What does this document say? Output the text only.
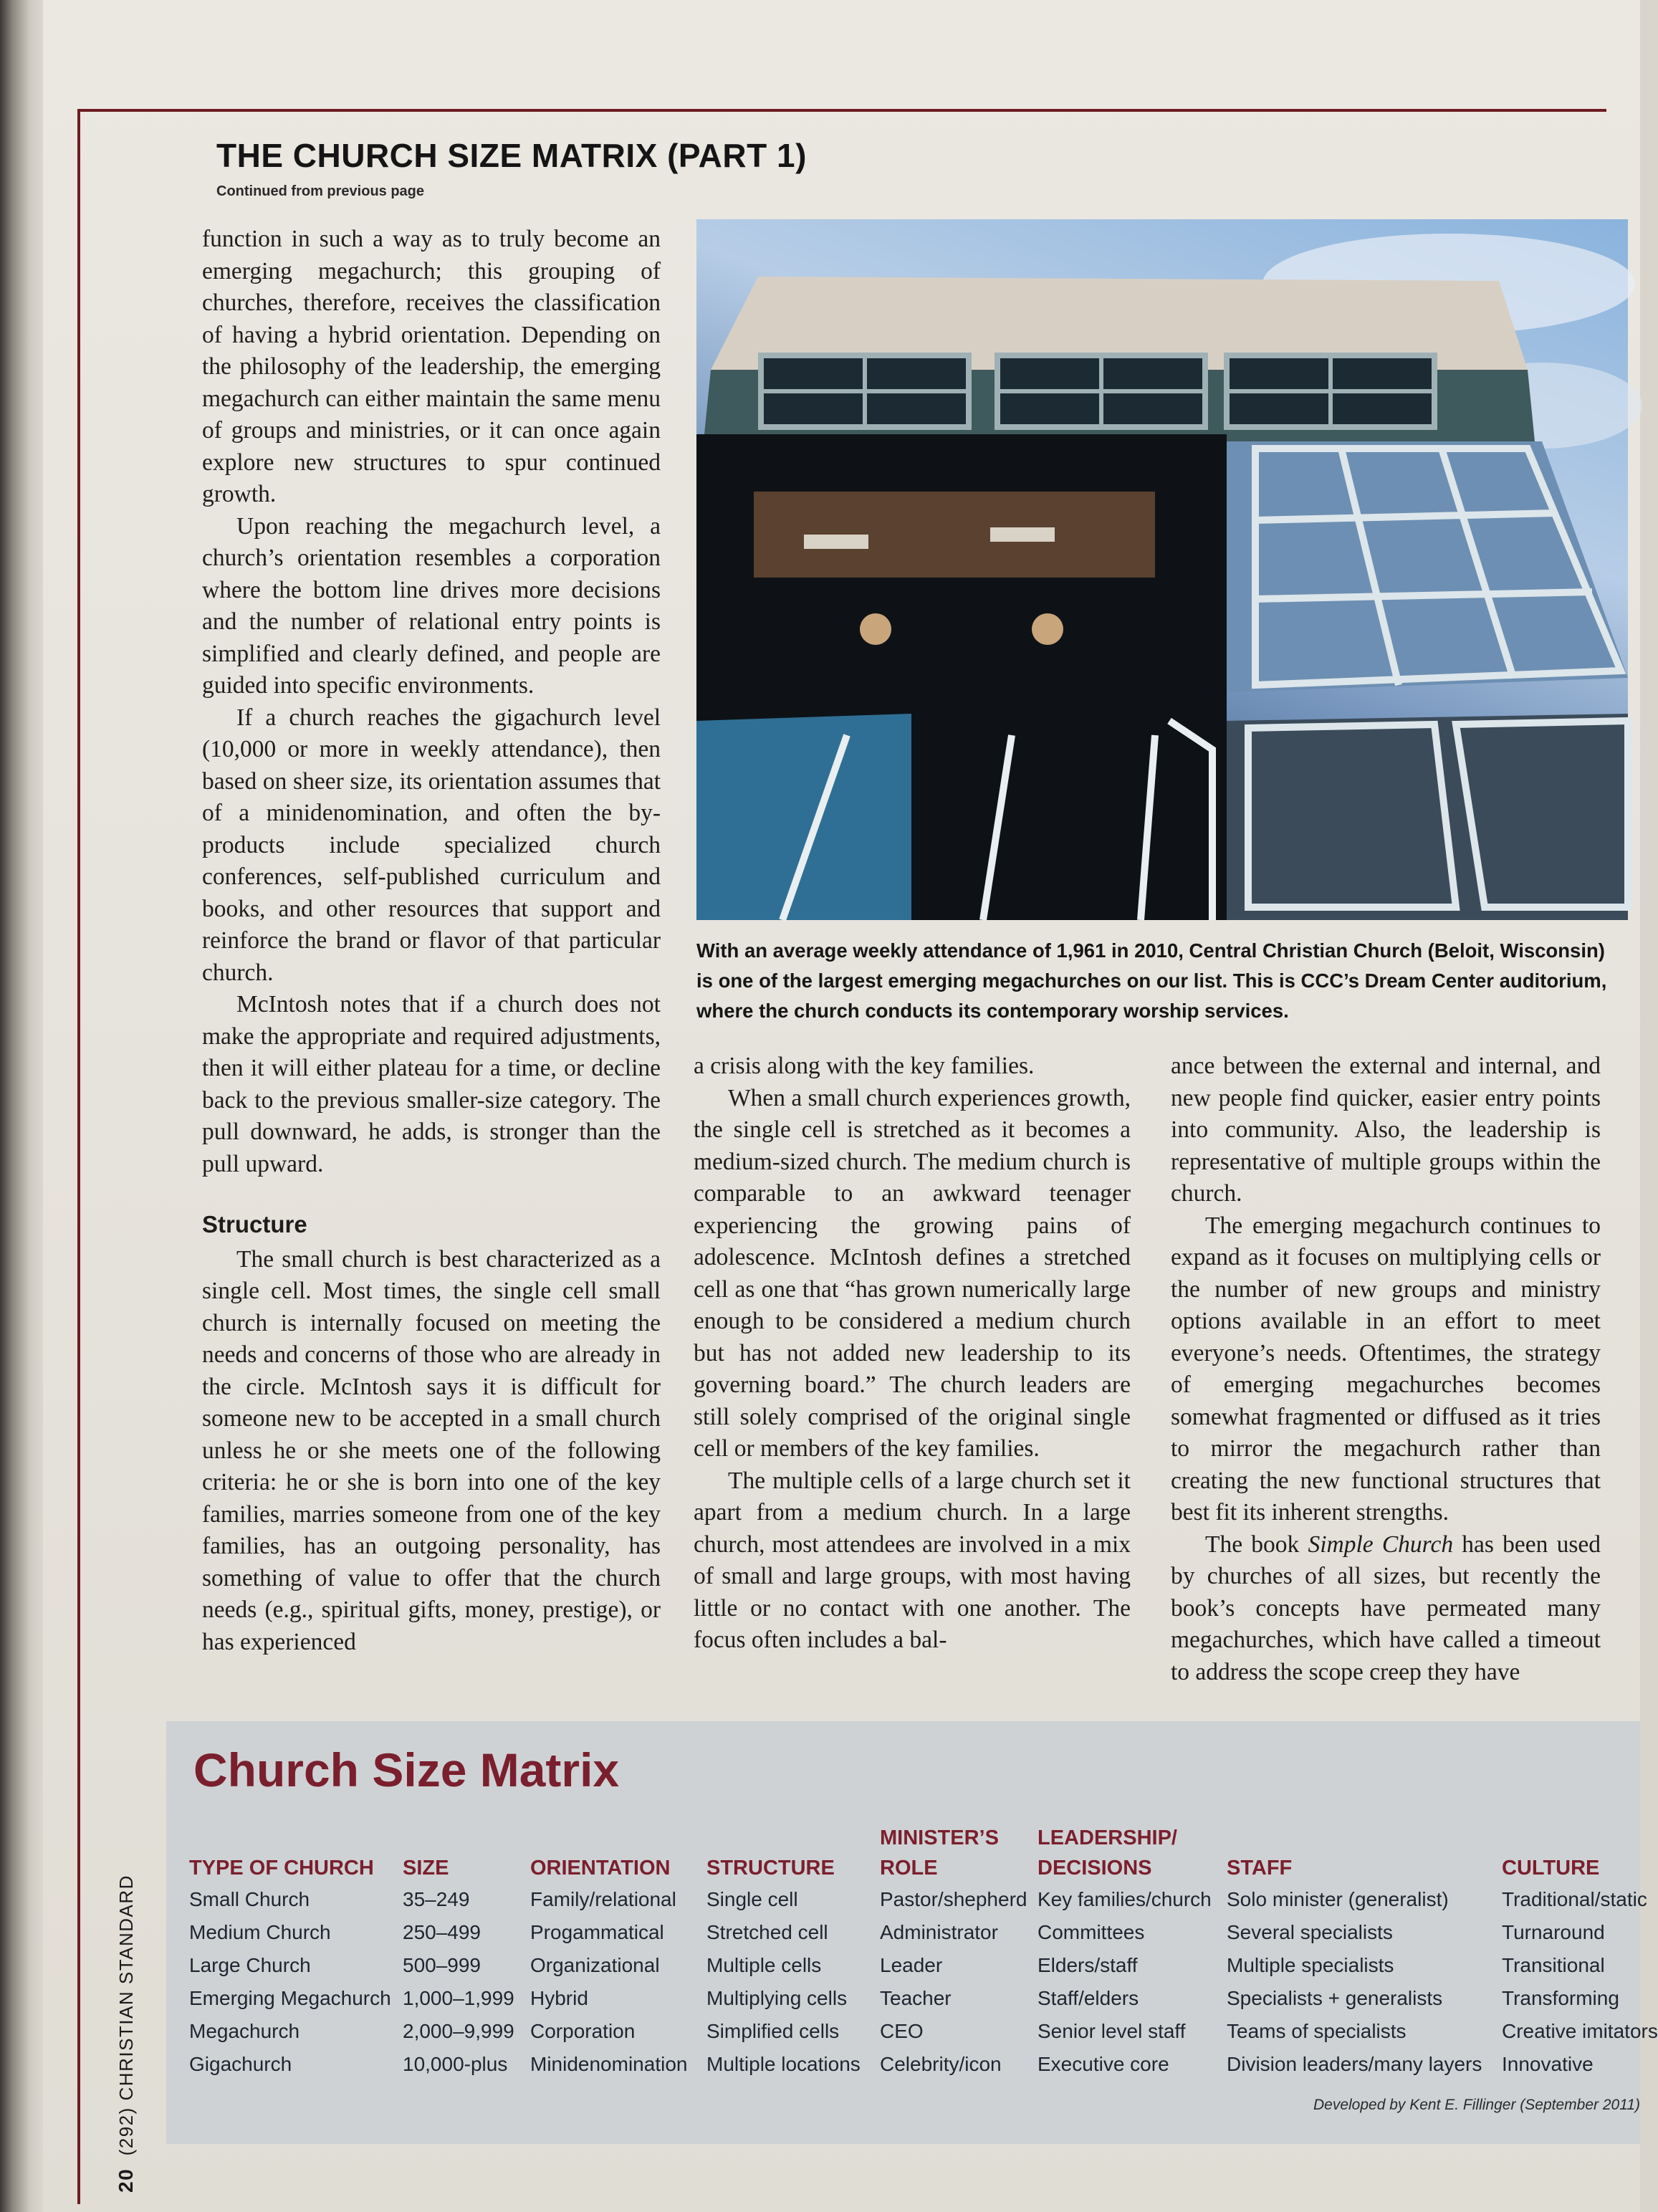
THE CHURCH SIZE MATRIX (PART 1)
Continued from previous page

function in such a way as to truly become an emerging megachurch; this grouping of churches, therefore, receives the classification of having a hybrid orientation. Depending on the philosophy of the leadership, the emerging megachurch can either maintain the same menu of groups and ministries, or it can once again explore new structures to spur continued growth.

Upon reaching the megachurch level, a church’s orientation resembles a corporation where the bottom line drives more decisions and the number of relational entry points is simplified and clearly defined, and people are guided into specific environments.

If a church reaches the gigachurch level (10,000 or more in weekly attendance), then based on sheer size, its orientation assumes that of a minidenomination, and often the by-products include specialized church conferences, self-published curriculum and books, and other resources that support and reinforce the brand or flavor of that particular church.

McIntosh notes that if a church does not make the appropriate and required adjustments, then it will either plateau for a time, or decline back to the previous smaller-size category. The pull downward, he adds, is stronger than the pull upward.

Structure

The small church is best characterized as a single cell. Most times, the single cell small church is internally focused on meeting the needs and concerns of those who are already in the circle. McIntosh says it is difficult for someone new to be accepted in a small church unless he or she meets one of the following criteria: he or she is born into one of the key families, marries someone from one of the key families, has an outgoing personality, has something of value to offer that the church needs (e.g., spiritual gifts, money, prestige), or has experienced

With an average weekly attendance of 1,961 in 2010, Central Christian Church (Beloit, Wisconsin) is one of the largest emerging megachurches on our list. This is CCC’s Dream Center auditorium, where the church conducts its contemporary worship services.

a crisis along with the key families.

When a small church experiences growth, the single cell is stretched as it becomes a medium-sized church. The medium church is comparable to an awkward teenager experiencing the growing pains of adolescence. McIntosh defines a stretched cell as one that “has grown numerically large enough to be considered a medium church but has not added new leadership to its governing board.” The church leaders are still solely comprised of the original single cell or members of the key families.

The multiple cells of a large church set it apart from a medium church. In a large church, most attendees are involved in a mix of small and large groups, with most having little or no contact with one another. The focus often includes a bal-

ance between the external and internal, and new people find quicker, easier entry points into community. Also, the leadership is representative of multiple groups within the church.

The emerging megachurch continues to expand as it focuses on multiplying cells or the number of new groups and ministry options available in an effort to meet everyone’s needs. Oftentimes, the strategy of emerging megachurches becomes somewhat fragmented or diffused as it tries to mirror the megachurch rather than creating the new functional structures that best fit its inherent strengths.

The book Simple Church has been used by churches of all sizes, but recently the book’s concepts have permeated many megachurches, which have called a timeout to address the scope creep they have

Church Size Matrix
TYPE OF CHURCH
Small Church
Medium Church
Large Church
Emerging Megachurch
Megachurch
Gigachurch
SIZE
35–249
250–499
500–999
1,000–1,999
2,000–9,999
10,000-plus
ORIENTATION
Family/relational
Progammatical
Organizational
Hybrid
Corporation
Minidenomination
STRUCTURE
Single cell
Stretched cell
Multiple cells
Multiplying cells
Simplified cells
Multiple locations
MINISTER’S ROLE
Pastor/shepherd
Administrator
Leader
Teacher
CEO
Celebrity/icon
LEADERSHIP/ DECISIONS
Key families/church
Committees
Elders/staff
Staff/elders
Senior level staff
Executive core
STAFF
Solo minister (generalist)
Several specialists
Multiple specialists
Specialists + generalists
Teams of specialists
Division leaders/many layers
CULTURE
Traditional/static
Turnaround
Transitional
Transforming
Creative imitators
Innovative
Developed by Kent E. Fillinger (September 2011)
20  (292) CHRISTIAN STANDARD
